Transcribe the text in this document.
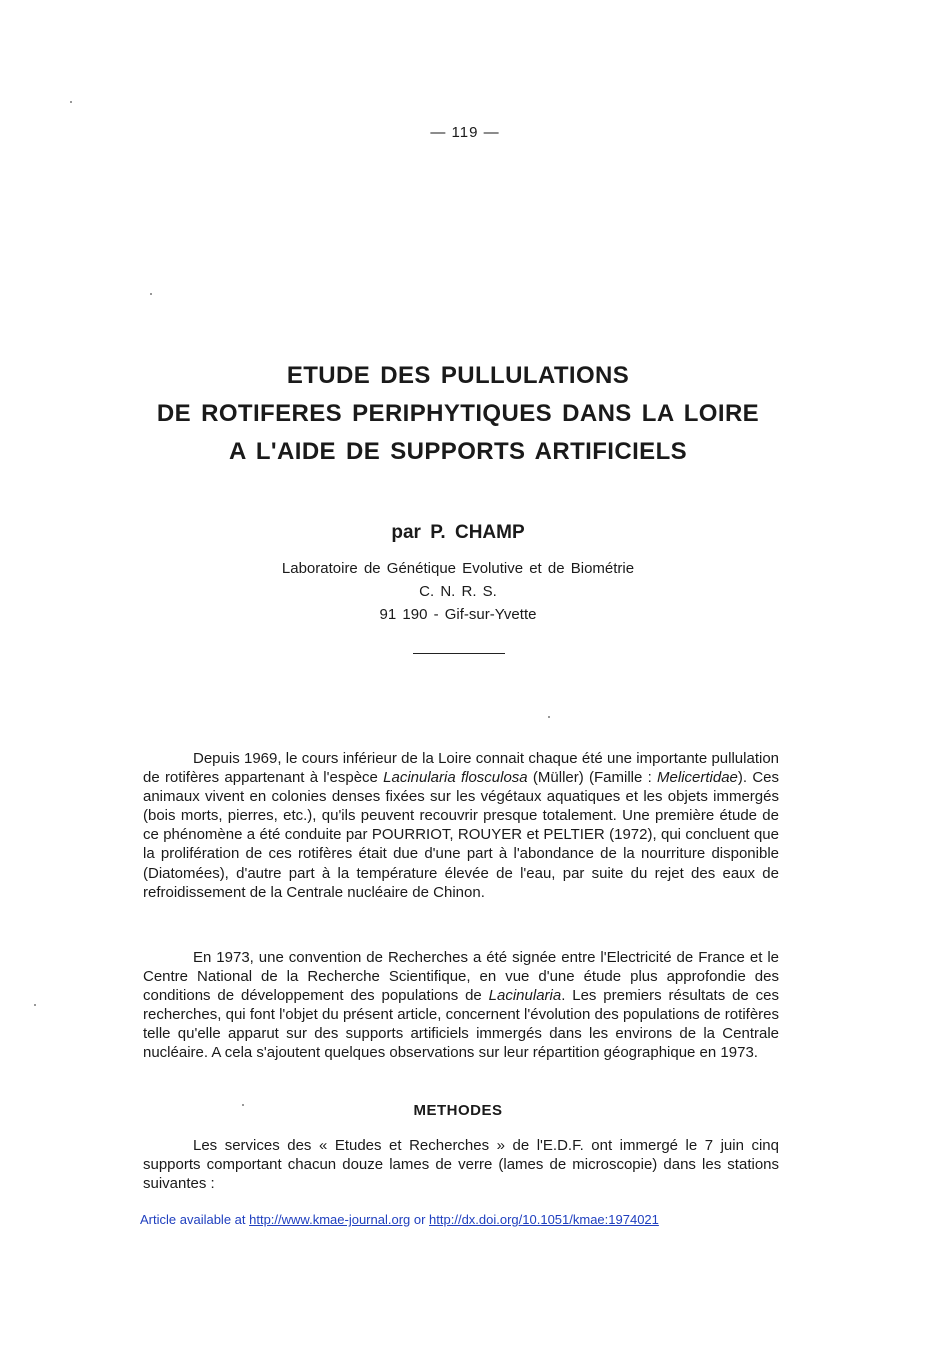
— 119 —
ETUDE DES PULLULATIONS
DE ROTIFERES PERIPHYTIQUES DANS LA LOIRE
A L'AIDE DE SUPPORTS ARTIFICIELS
par P. CHAMP
Laboratoire de Génétique Evolutive et de Biométrie
C. N. R. S.
91 190 - Gif-sur-Yvette

Depuis 1969, le cours inférieur de la Loire connait chaque été une importante pullulation de rotifères appartenant à l'espèce Lacinularia flosculosa (Müller) (Famille : Melicertidae). Ces animaux vivent en colonies denses fixées sur les végétaux aquatiques et les objets immergés (bois morts, pierres, etc.), qu'ils peuvent recouvrir presque totalement. Une première étude de ce phénomène a été conduite par POURRIOT, ROUYER et PELTIER (1972), qui concluent que la prolifération de ces rotifères était due d'une part à l'abondance de la nourriture disponible (Diatomées), d'autre part à la température élevée de l'eau, par suite du rejet des eaux de refroidissement de la Centrale nucléaire de Chinon.

En 1973, une convention de Recherches a été signée entre l'Electricité de France et le Centre National de la Recherche Scientifique, en vue d'une étude plus approfondie des conditions de développement des populations de Lacinularia. Les premiers résultats de ces recherches, qui font l'objet du présent article, concernent l'évolution des populations de rotifères telle qu'elle apparut sur des supports artificiels immergés dans les environs de la Centrale nucléaire. A cela s'ajoutent quelques observations sur leur répartition géographique en 1973.

METHODES

Les services des « Etudes et Recherches » de l'E.D.F. ont immergé le 7 juin cinq supports comportant chacun douze lames de verre (lames de microscopie) dans les stations suivantes :

Article available at http://www.kmae-journal.org or http://dx.doi.org/10.1051/kmae:1974021
